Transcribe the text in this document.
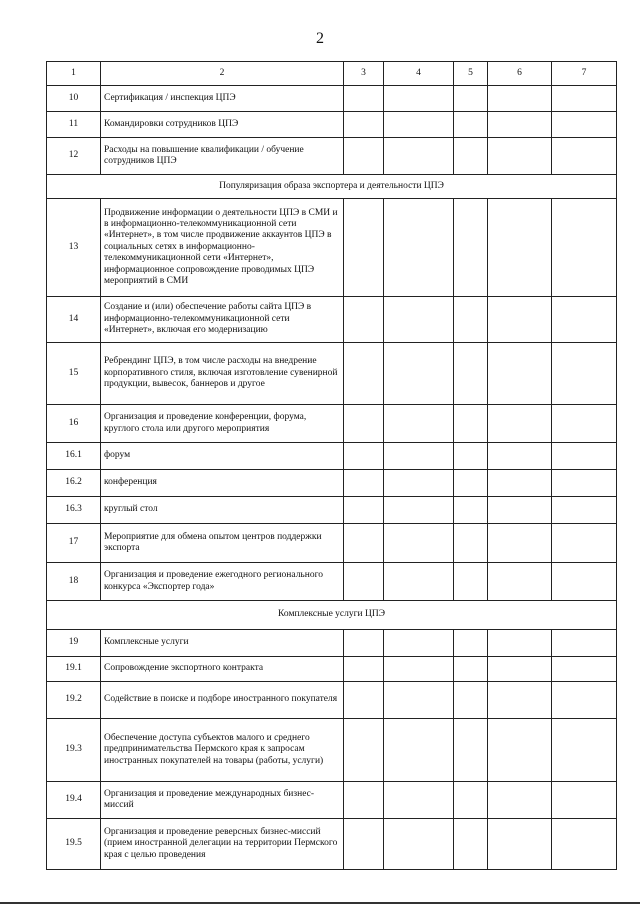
2
1	2	3	4	5	6	7
10	Сертификация / инспекция ЦПЭ					
11	Командировки сотрудников ЦПЭ					
12	Расходы на повышение квалификации / обучение сотрудников ЦПЭ					
Популяризация образа экспортера и деятельности ЦПЭ						
13	Продвижение информации о деятельности ЦПЭ в СМИ и в информационно-телекоммуникационной сети «Интернет», в том числе продвижение аккаунтов ЦПЭ в социальных сетях в информационно-телекоммуникационной сети «Интернет», информационное сопровождение проводимых ЦПЭ мероприятий в СМИ					
14	Создание и (или) обеспечение работы сайта ЦПЭ в информационно-телекоммуникационной сети «Интернет», включая его модернизацию					
15	Ребрендинг ЦПЭ, в том числе расходы на внедрение корпоративного стиля, включая изготовление сувенирной продукции, вывесок, баннеров и другое					
16	Организация и проведение конференции, форума, круглого стола или другого мероприятия					
16.1	форум					
16.2	конференция					
16.3	круглый стол					
17	Мероприятие для обмена опытом центров поддержки экспорта					
18	Организация и проведение ежегодного регионального конкурса «Экспортер года»					
Комплексные услуги ЦПЭ						
19	Комплексные услуги					
19.1	Сопровождение экспортного контракта					
19.2	Содействие в поиске и подборе иностранного покупателя					
19.3	Обеспечение доступа субъектов малого и среднего предпринимательства Пермского края к запросам иностранных покупателей на товары (работы, услуги)					
19.4	Организация и проведение международных бизнес-миссий					
19.5	Организация и проведение реверсных бизнес-миссий (прием иностранной делегации на территории Пермского края с целью проведения					
